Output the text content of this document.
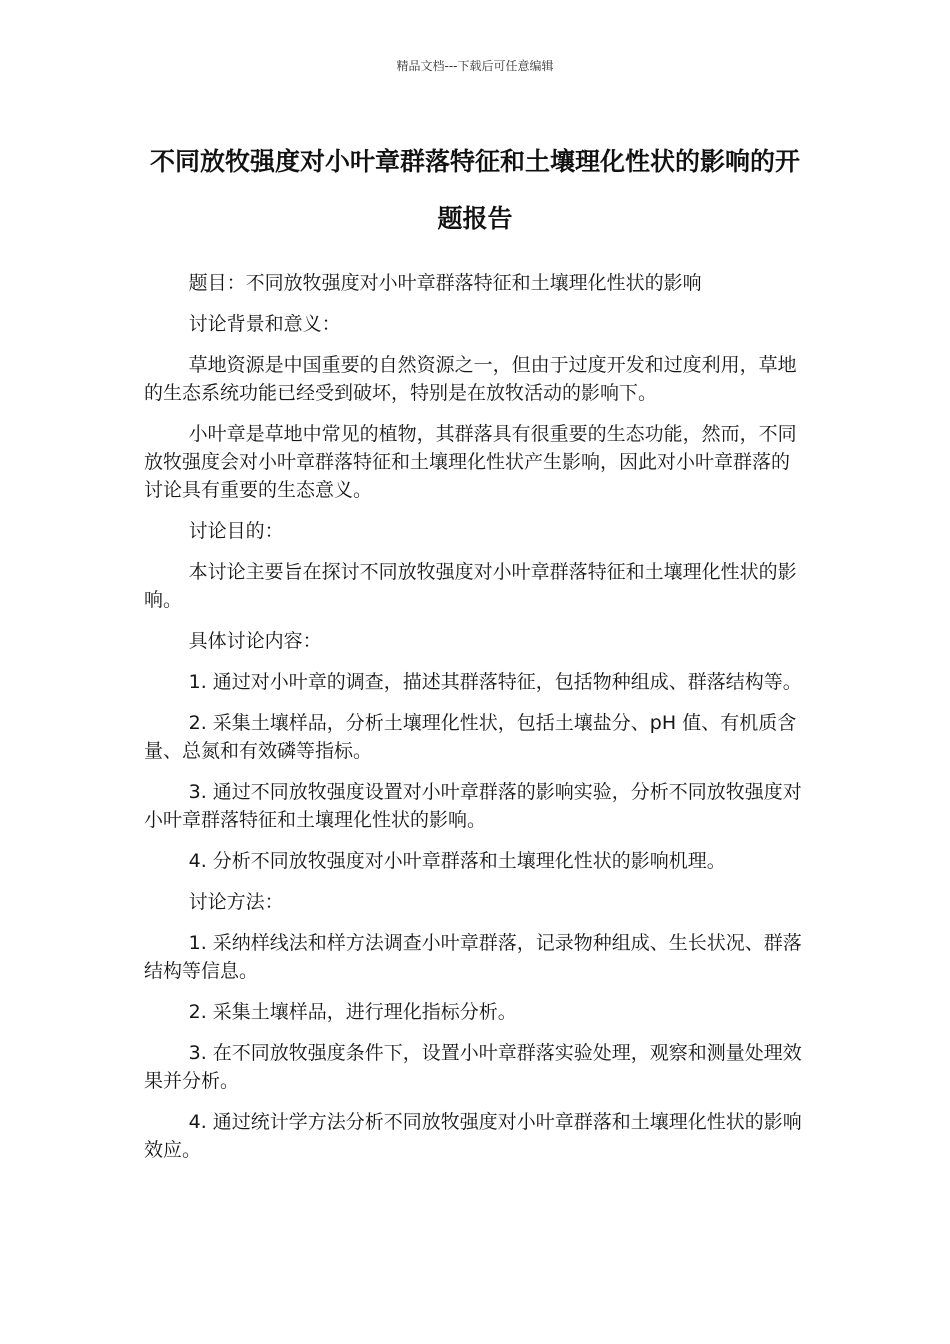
精品文档---下载后可任意编辑
不同放牧强度对小叶章群落特征和土壤理化性状的影响的开题报告

题目：不同放牧强度对小叶章群落特征和土壤理化性状的影响

讨论背景和意义：

草地资源是中国重要的自然资源之一，但由于过度开发和过度利用，草地的生态系统功能已经受到破坏，特别是在放牧活动的影响下。

小叶章是草地中常见的植物，其群落具有很重要的生态功能，然而，不同放牧强度会对小叶章群落特征和土壤理化性状产生影响，因此对小叶章群落的讨论具有重要的生态意义。

讨论目的：

本讨论主要旨在探讨不同放牧强度对小叶章群落特征和土壤理化性状的影响。

具体讨论内容：

1. 通过对小叶章的调查，描述其群落特征，包括物种组成、群落结构等。

2. 采集土壤样品，分析土壤理化性状，包括土壤盐分、pH 值、有机质含量、总氮和有效磷等指标。

3. 通过不同放牧强度设置对小叶章群落的影响实验，分析不同放牧强度对小叶章群落特征和土壤理化性状的影响。

4. 分析不同放牧强度对小叶章群落和土壤理化性状的影响机理。

讨论方法：

1. 采纳样线法和样方法调查小叶章群落，记录物种组成、生长状况、群落结构等信息。

2. 采集土壤样品，进行理化指标分析。

3. 在不同放牧强度条件下，设置小叶章群落实验处理，观察和测量处理效果并分析。

4. 通过统计学方法分析不同放牧强度对小叶章群落和土壤理化性状的影响效应。
